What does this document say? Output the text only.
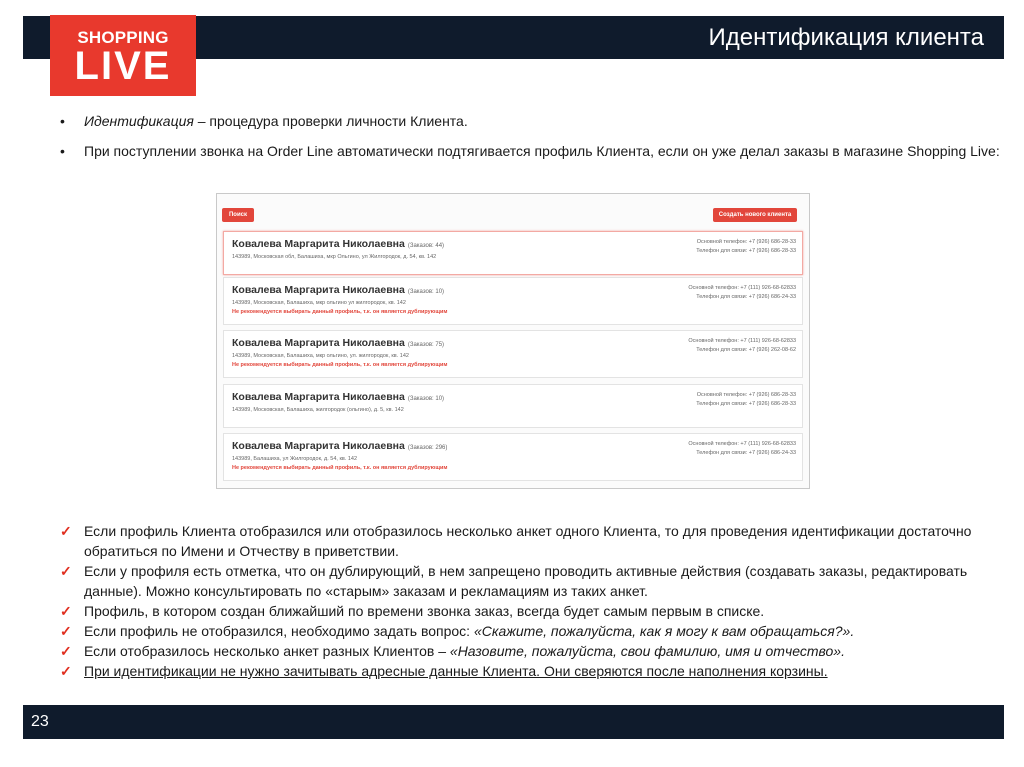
Идентификация клиента
SHOPPING
LIVE
• Идентификация – процедура проверки личности Клиента.
• При поступлении звонка на Order Line автоматически подтягивается профиль Клиента, если он уже делал заказы в магазине Shopping Live:
Поиск	Создать нового клиента
Ковалева Маргарита Николаевна (Заказов: 44)
143989, Московская обл, Балашиха, мкр Ольгино, ул Жилгородок, д. 54, кв. 142
Основной телефон: +7 (926) 686-28-33
Телефон для связи: +7 (926) 686-28-33
Ковалева Маргарита Николаевна (Заказов: 10)
143989, Московская, Балашиха, мкр ольгино ул жилгородок, кв. 142
Не рекомендуется выбирать данный профиль, т.к. он является дублирующим
Основной телефон: +7 (111) 926-68-62833
Телефон для связи: +7 (926) 686-24-33
Ковалева Маргарита Николаевна (Заказов: 75)
143989, Московская, Балашиха, мкр ольгино, ул. жилгородок, кв. 142
Не рекомендуется выбирать данный профиль, т.к. он является дублирующим
Основной телефон: +7 (111) 926-68-62833
Телефон для связи: +7 (926) 262-08-62
Ковалева Маргарита Николаевна (Заказов: 10)
143989, Московская, Балашиха, жилгородок (ольгино), д. 5, кв. 142
Основной телефон: +7 (926) 686-28-33
Телефон для связи: +7 (926) 686-28-33
Ковалева Маргарита Николаевна (Заказов: 296)
143989, Балашиха, ул Жилгородок, д. 54, кв. 142
Не рекомендуется выбирать данный профиль, т.к. он является дублирующим
Основной телефон: +7 (111) 926-68-62833
Телефон для связи: +7 (926) 686-24-33
✓ Если профиль Клиента отобразился или отобразилось несколько анкет одного Клиента, то для проведения идентификации достаточно обратиться по Имени и Отчеству в приветствии.
✓ Если у профиля есть отметка, что он дублирующий, в нем запрещено проводить активные действия (создавать заказы, редактировать данные). Можно консультировать по «старым» заказам и рекламациям из таких анкет.
✓ Профиль, в котором создан ближайший по времени звонка заказ, всегда будет самым первым в списке.
✓ Если профиль не отобразился, необходимо задать вопрос: «Скажите, пожалуйста, как я могу к вам обращаться?».
✓ Если отобразилось несколько анкет разных Клиентов – «Назовите, пожалуйста, свои фамилию, имя и отчество».
✓ При идентификации не нужно зачитывать адресные данные Клиента. Они сверяются после наполнения корзины.
23
